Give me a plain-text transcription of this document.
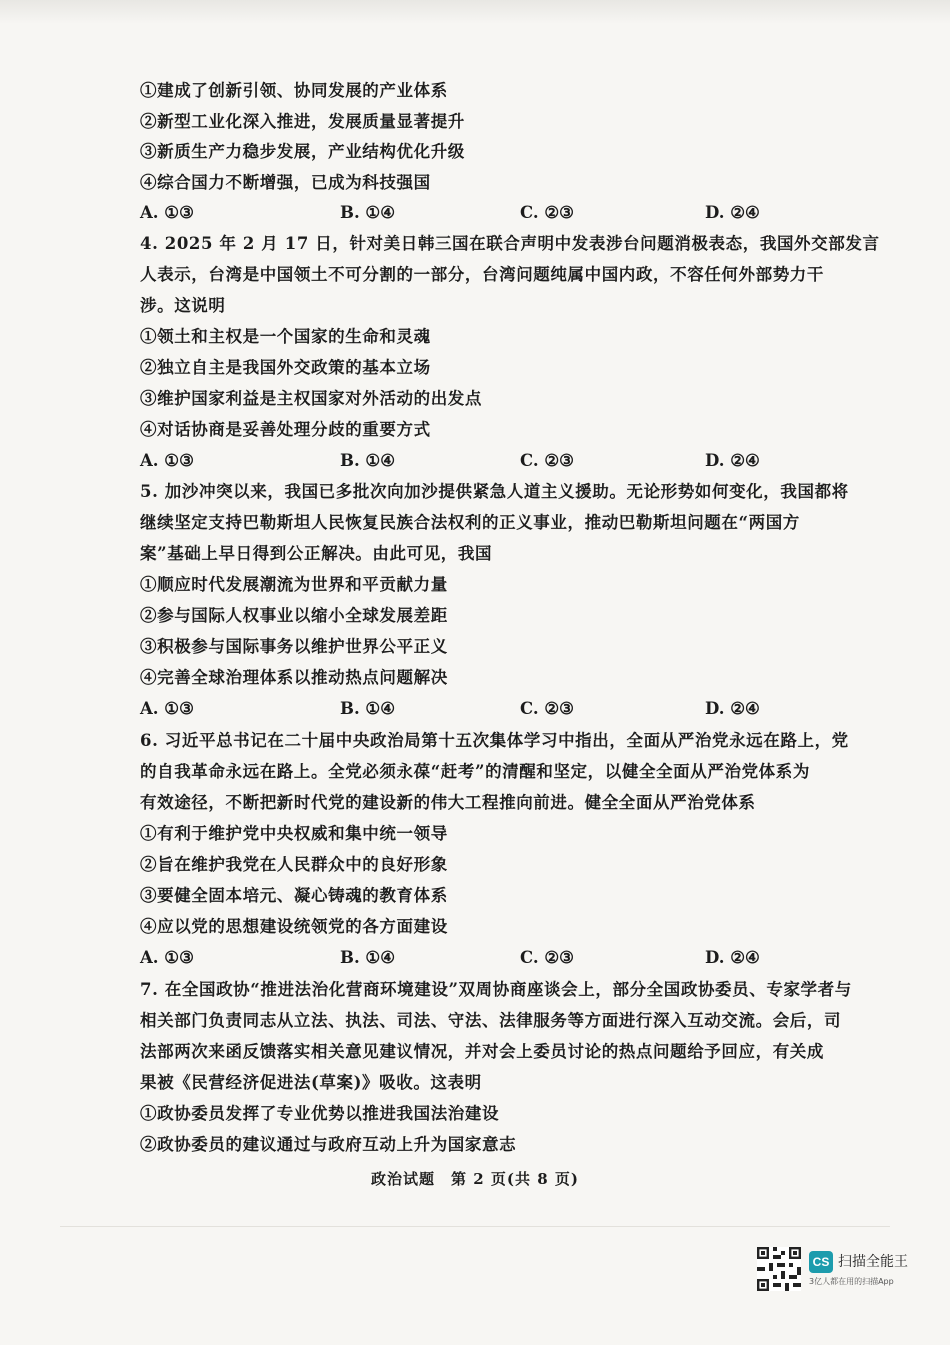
①建成了创新引领、协同发展的产业体系
②新型工业化深入推进，发展质量显著提升
③新质生产力稳步发展，产业结构优化升级
④综合国力不断增强，已成为科技强国
A. ①③	B. ①④	C. ②③	D. ②④
4. 2025 年 2 月 17 日，针对美日韩三国在联合声明中发表涉台问题消极表态，我国外交部发言
人表示，台湾是中国领土不可分割的一部分，台湾问题纯属中国内政，不容任何外部势力干
涉。这说明
①领土和主权是一个国家的生命和灵魂
②独立自主是我国外交政策的基本立场
③维护国家利益是主权国家对外活动的出发点
④对话协商是妥善处理分歧的重要方式
A. ①③	B. ①④	C. ②③	D. ②④
5. 加沙冲突以来，我国已多批次向加沙提供紧急人道主义援助。无论形势如何变化，我国都将
继续坚定支持巴勒斯坦人民恢复民族合法权利的正义事业，推动巴勒斯坦问题在“两国方
案”基础上早日得到公正解决。由此可见，我国
①顺应时代发展潮流为世界和平贡献力量
②参与国际人权事业以缩小全球发展差距
③积极参与国际事务以维护世界公平正义
④完善全球治理体系以推动热点问题解决
A. ①③	B. ①④	C. ②③	D. ②④
6. 习近平总书记在二十届中央政治局第十五次集体学习中指出，全面从严治党永远在路上，党
的自我革命永远在路上。全党必须永葆“赶考”的清醒和坚定，以健全全面从严治党体系为
有效途径，不断把新时代党的建设新的伟大工程推向前进。健全全面从严治党体系
①有利于维护党中央权威和集中统一领导
②旨在维护我党在人民群众中的良好形象
③要健全固本培元、凝心铸魂的教育体系
④应以党的思想建设统领党的各方面建设
A. ①③	B. ①④	C. ②③	D. ②④
7. 在全国政协“推进法治化营商环境建设”双周协商座谈会上，部分全国政协委员、专家学者与
相关部门负责同志从立法、执法、司法、守法、法律服务等方面进行深入互动交流。会后，司
法部两次来函反馈落实相关意见建议情况，并对会上委员讨论的热点问题给予回应，有关成
果被《民营经济促进法(草案)》吸收。这表明
①政协委员发挥了专业优势以推进我国法治建设
②政协委员的建议通过与政府互动上升为国家意志
政治试题　第 2 页(共 8 页)
CS 扫描全能王
3亿人都在用的扫描App
